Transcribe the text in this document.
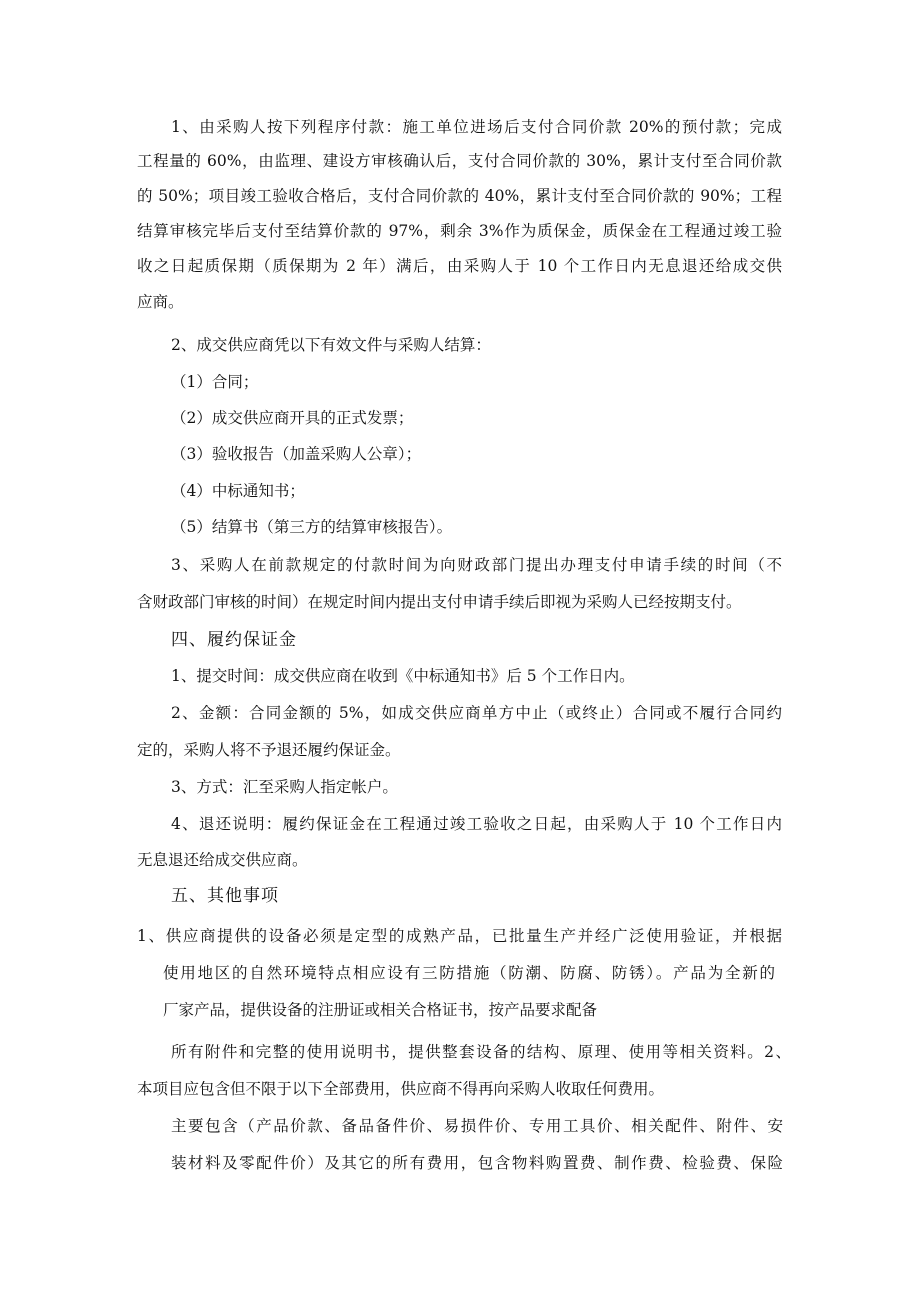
1、由采购人按下列程序付款：施工单位进场后支付合同价款 20%的预付款；完成
工程量的 60%，由监理、建设方审核确认后，支付合同价款的 30%，累计支付至合同价款
的 50%；项目竣工验收合格后，支付合同价款的 40%，累计支付至合同价款的 90%；工程
结算审核完毕后支付至结算价款的 97%，剩余 3%作为质保金，质保金在工程通过竣工验
收之日起质保期（质保期为 2 年）满后，由采购人于 10 个工作日内无息退还给成交供
应商。
2、成交供应商凭以下有效文件与采购人结算：
（1）合同；
（2）成交供应商开具的正式发票；
（3）验收报告（加盖采购人公章）；
（4）中标通知书；
（5）结算书（第三方的结算审核报告）。
3、采购人在前款规定的付款时间为向财政部门提出办理支付申请手续的时间（不
含财政部门审核的时间）在规定时间内提出支付申请手续后即视为采购人已经按期支付。
四、履约保证金
1、提交时间：成交供应商在收到《中标通知书》后 5 个工作日内。
2、金额：合同金额的 5%，如成交供应商单方中止（或终止）合同或不履行合同约
定的，采购人将不予退还履约保证金。
3、方式：汇至采购人指定帐户。
4、退还说明：履约保证金在工程通过竣工验收之日起，由采购人于 10 个工作日内
无息退还给成交供应商。
五、其他事项
1、供应商提供的设备必须是定型的成熟产品，已批量生产并经广泛使用验证，并根据
使用地区的自然环境特点相应设有三防措施（防潮、防腐、防锈）。产品为全新的
厂家产品，提供设备的注册证或相关合格证书，按产品要求配备
所有附件和完整的使用说明书，提供整套设备的结构、原理、使用等相关资料。2、
本项目应包含但不限于以下全部费用，供应商不得再向采购人收取任何费用。
主要包含（产品价款、备品备件价、易损件价、专用工具价、相关配件、附件、安
装材料及零配件价）及其它的所有费用，包含物料购置费、制作费、检验费、保险
